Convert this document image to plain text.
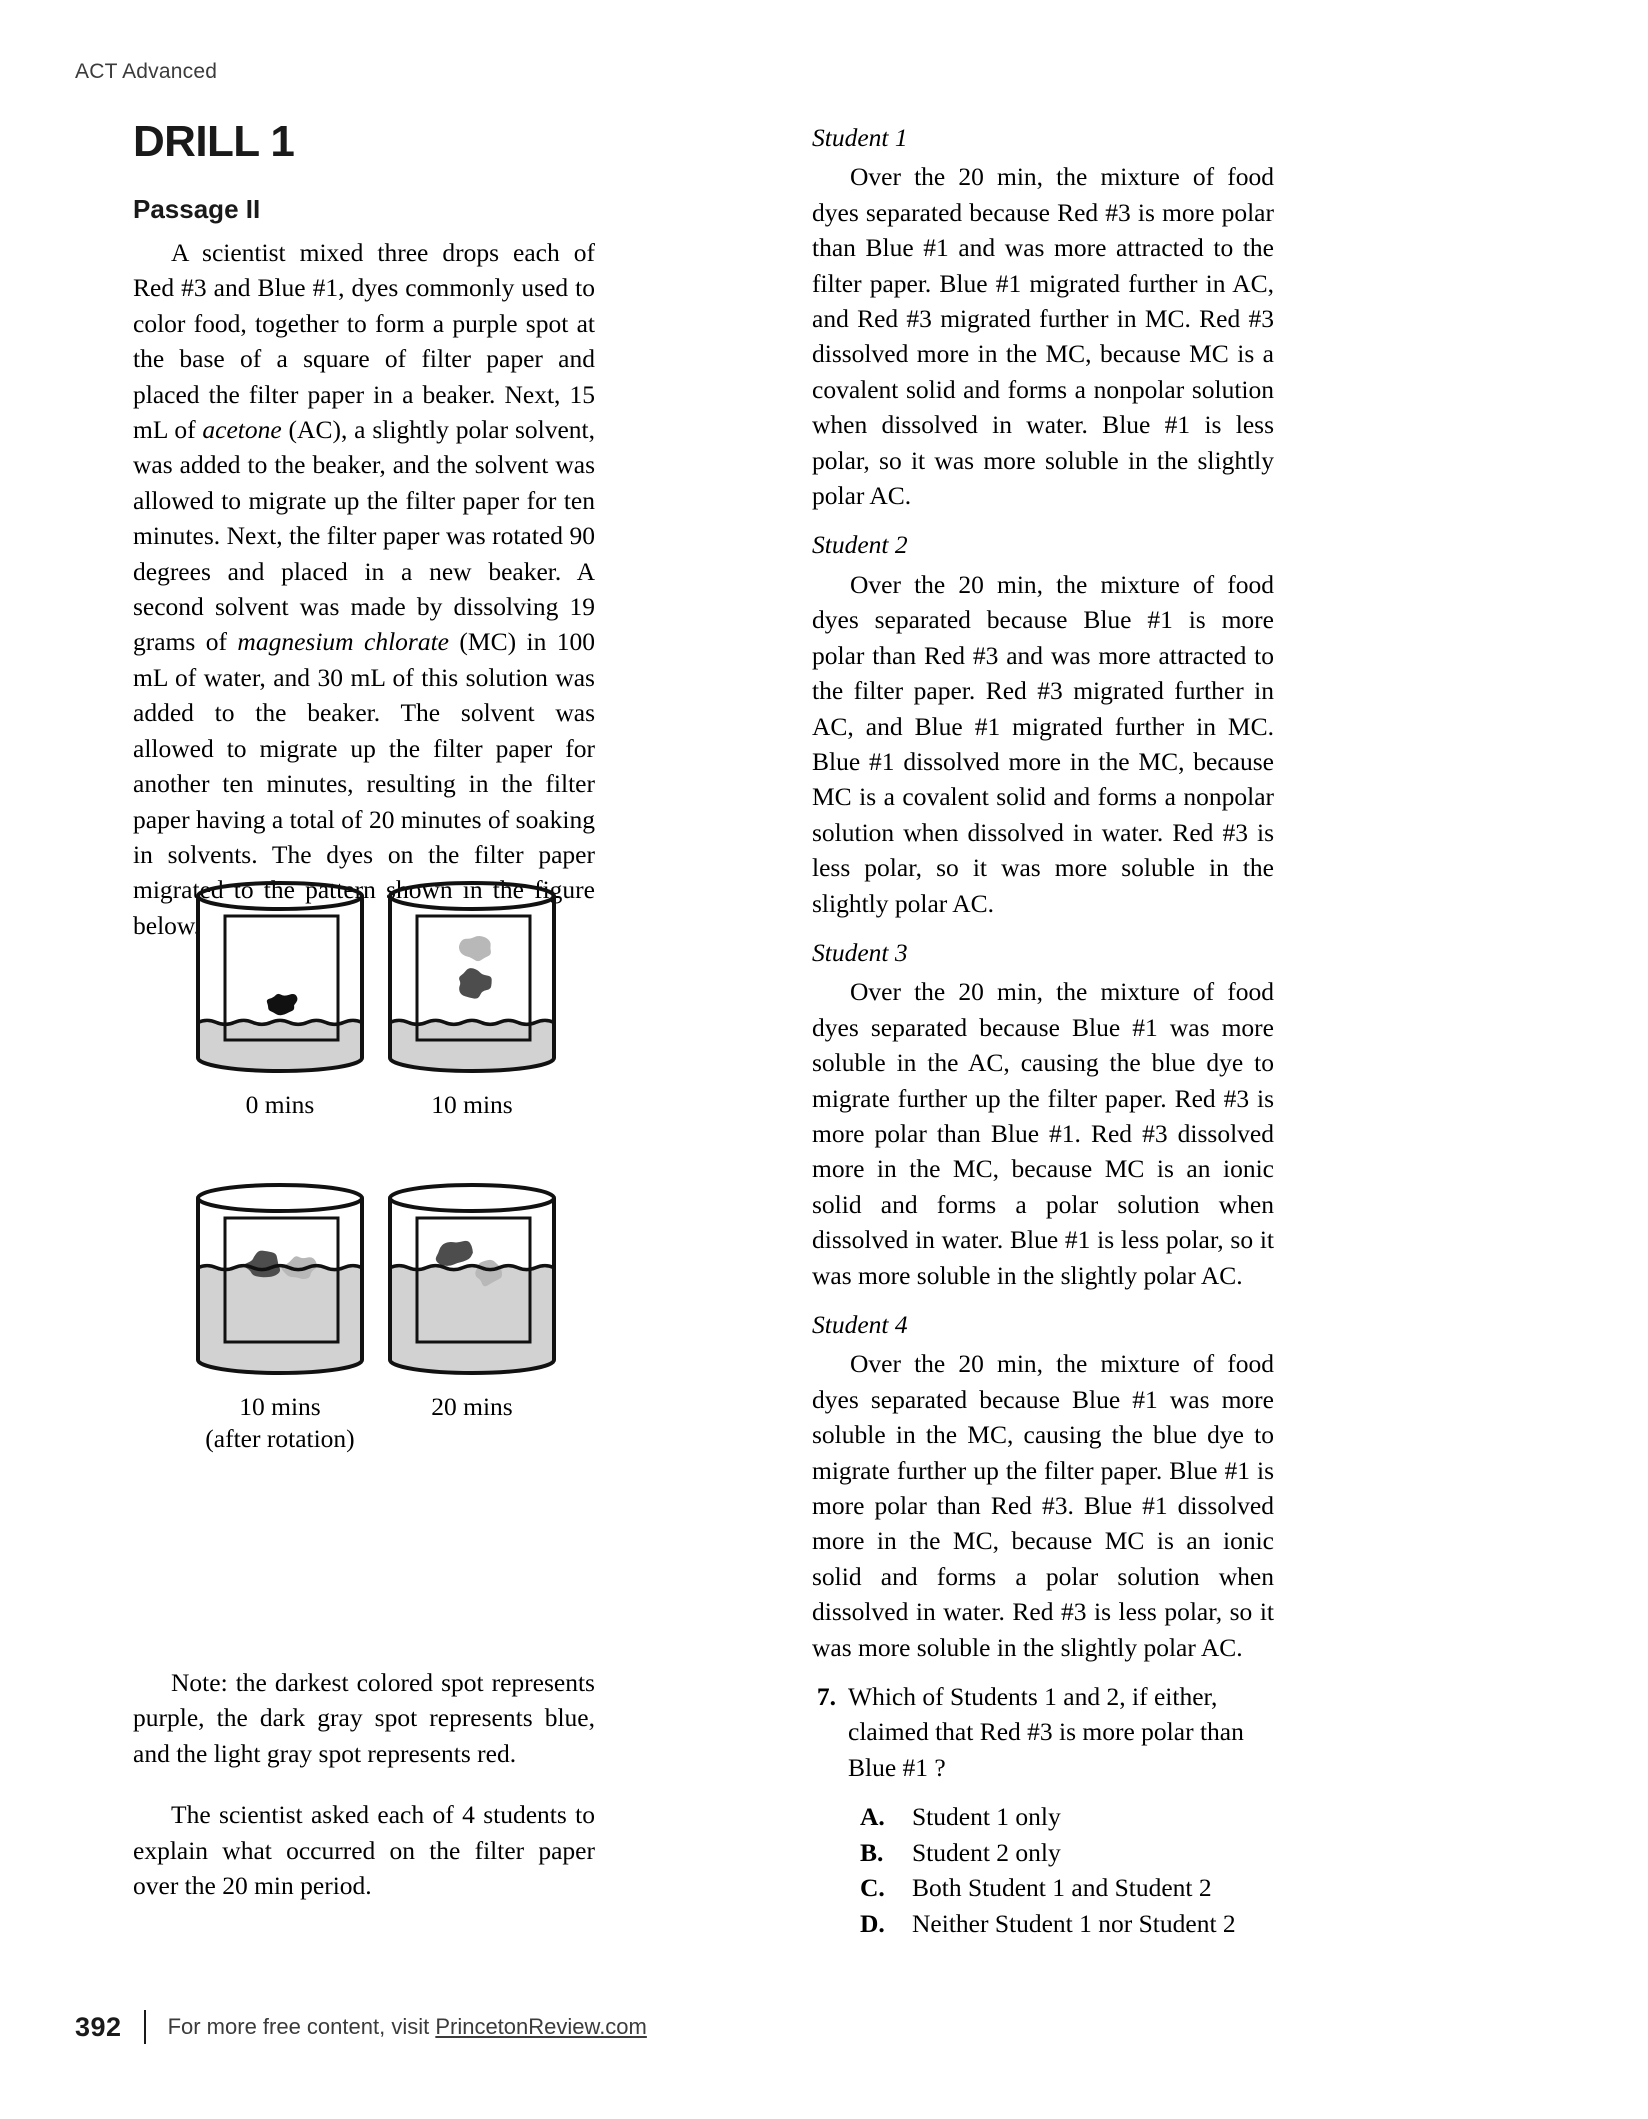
ACT Advanced
DRILL 1
Passage II

A scientist mixed three drops each of Red #3 and Blue #1, dyes commonly used to color food, together to form a purple spot at the base of a square of filter paper and placed the filter paper in a beaker. Next, 15 mL of acetone (AC), a slightly polar solvent, was added to the beaker, and the solvent was allowed to migrate up the filter paper for ten minutes. Next, the filter paper was rotated 90 degrees and placed in a new beaker. A second solvent was made by dissolving 19 grams of magnesium chlorate (MC) in 100 mL of water, and 30 mL of this solution was added to the beaker. The solvent was allowed to migrate up the filter paper for another ten minutes, resulting in the filter paper having a total of 20 minutes of soaking in solvents. The dyes on the filter paper migrated to the pattern shown in the figure below.

Student 1

Over the 20 min, the mixture of food dyes separated because Red #3 is more polar than Blue #1 and was more attracted to the filter paper. Blue #1 migrated further in AC, and Red #3 migrated further in MC. Red #3 dissolved more in the MC, because MC is a covalent solid and forms a nonpolar solution when dissolved in water. Blue #1 is less polar, so it was more soluble in the slightly polar AC.

Student 2

Over the 20 min, the mixture of food dyes separated because Blue #1 is more polar than Red #3 and was more attracted to the filter paper. Red #3 migrated further in AC, and Blue #1 migrated further in MC. Blue #1 dissolved more in the MC, because MC is a covalent solid and forms a nonpolar solution when dissolved in water. Red #3 is less polar, so it was more soluble in the slightly polar AC.

Student 3

Over the 20 min, the mixture of food dyes separated because Blue #1 was more soluble in the AC, causing the blue dye to migrate further up the filter paper. Red #3 is more polar than Blue #1. Red #3 dissolved more in the MC, because MC is an ionic solid and forms a polar solution when dissolved in water. Blue #1 is less polar, so it was more soluble in the slightly polar AC.

Student 4

Over the 20 min, the mixture of food dyes separated because Blue #1 was more soluble in the MC, causing the blue dye to migrate further up the filter paper. Blue #1 is more polar than Red #3. Blue #1 dissolved more in the MC, because MC is an ionic solid and forms a polar solution when dissolved in water. Red #3 is less polar, so it was more soluble in the slightly polar AC.

7. Which of Students 1 and 2, if either, claimed that Red #3 is more polar than Blue #1 ?
A.	Student 1 only
B.	Student 2 only
C.	Both Student 1 and Student 2
D.	Neither Student 1 nor Student 2
0 mins	10 mins
10 mins
(after rotation)
20 mins

Note: the darkest colored spot represents purple, the dark gray spot represents blue, and the light gray spot represents red.

The scientist asked each of 4 students to explain what occurred on the filter paper over the 20 min period.

392 For more free content, visit PrincetonReview.com
